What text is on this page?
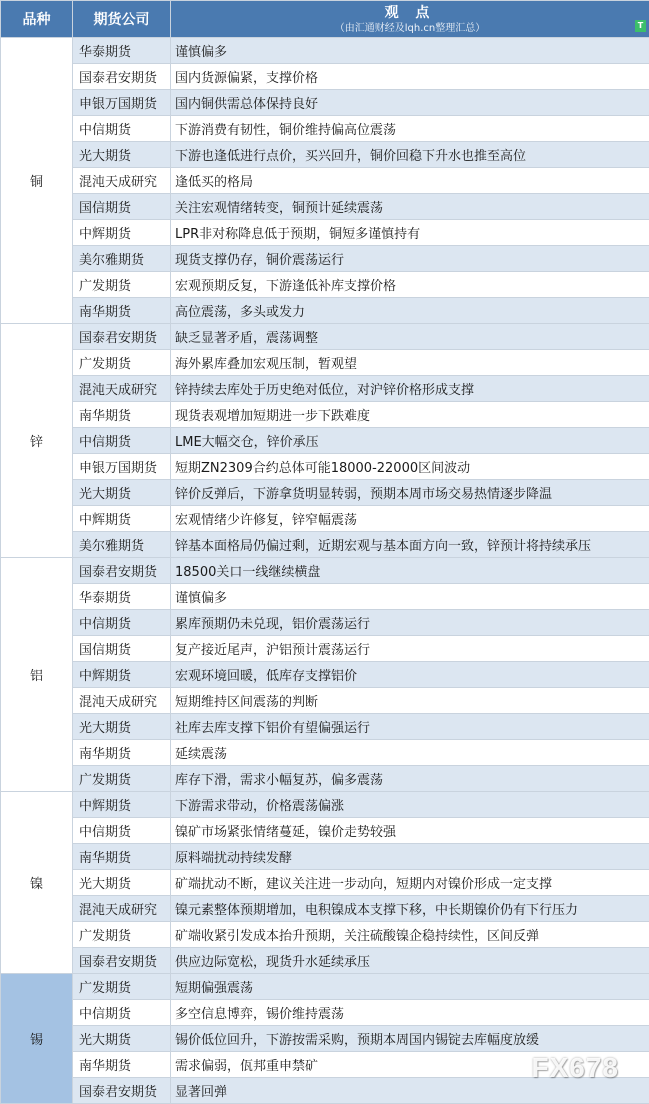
品种	期货公司	观 点
（由汇通财经及lqh.cn整理汇总） T

铜	华泰期货	谨慎偏多
	国泰君安期货	国内货源偏紧，支撑价格
	申银万国期货	国内铜供需总体保持良好
	中信期货	下游消费有韧性，铜价维持偏高位震荡
	光大期货	下游也逢低进行点价，买兴回升，铜价回稳下升水也推至高位
	混沌天成研究	逢低买的格局
	国信期货	关注宏观情绪转变，铜预计延续震荡
	中辉期货	LPR非对称降息低于预期，铜短多谨慎持有
	美尔雅期货	现货支撑仍存，铜价震荡运行
	广发期货	宏观预期反复，下游逢低补库支撑价格
	南华期货	高位震荡，多头或发力
锌	国泰君安期货	缺乏显著矛盾，震荡调整
	广发期货	海外累库叠加宏观压制，暂观望
	混沌天成研究	锌持续去库处于历史绝对低位，对沪锌价格形成支撑
	南华期货	现货表观增加短期进一步下跌难度
	中信期货	LME大幅交仓，锌价承压
	申银万国期货	短期ZN2309合约总体可能18000-22000区间波动
	光大期货	锌价反弹后，下游拿货明显转弱，预期本周市场交易热情逐步降温
	中辉期货	宏观情绪少许修复，锌窄幅震荡
	美尔雅期货	锌基本面格局仍偏过剩，近期宏观与基本面方向一致，锌预计将持续承压
铝	国泰君安期货	18500关口一线继续横盘
	华泰期货	谨慎偏多
	中信期货	累库预期仍未兑现，铝价震荡运行
	国信期货	复产接近尾声，沪铝预计震荡运行
	中辉期货	宏观环境回暖，低库存支撑铝价
	混沌天成研究	短期维持区间震荡的判断
	光大期货	社库去库支撑下铝价有望偏强运行
	南华期货	延续震荡
	广发期货	库存下滑，需求小幅复苏，偏多震荡
镍	中辉期货	下游需求带动，价格震荡偏涨
	中信期货	镍矿市场紧张情绪蔓延，镍价走势较强
	南华期货	原料端扰动持续发酵
	光大期货	矿端扰动不断，建议关注进一步动向，短期内对镍价形成一定支撑
	混沌天成研究	镍元素整体预期增加，电积镍成本支撑下移，中长期镍价仍有下行压力
	广发期货	矿端收紧引发成本抬升预期，关注硫酸镍企稳持续性，区间反弹
	国泰君安期货	供应边际宽松，现货升水延续承压
锡	广发期货	短期偏强震荡
	中信期货	多空信息博弈，锡价维持震荡
	光大期货	锡价低位回升，下游按需采购，预期本周国内锡锭去库幅度放缓
	南华期货	需求偏弱，佤邦重申禁矿
	国泰君安期货	显著回弹
FX678
